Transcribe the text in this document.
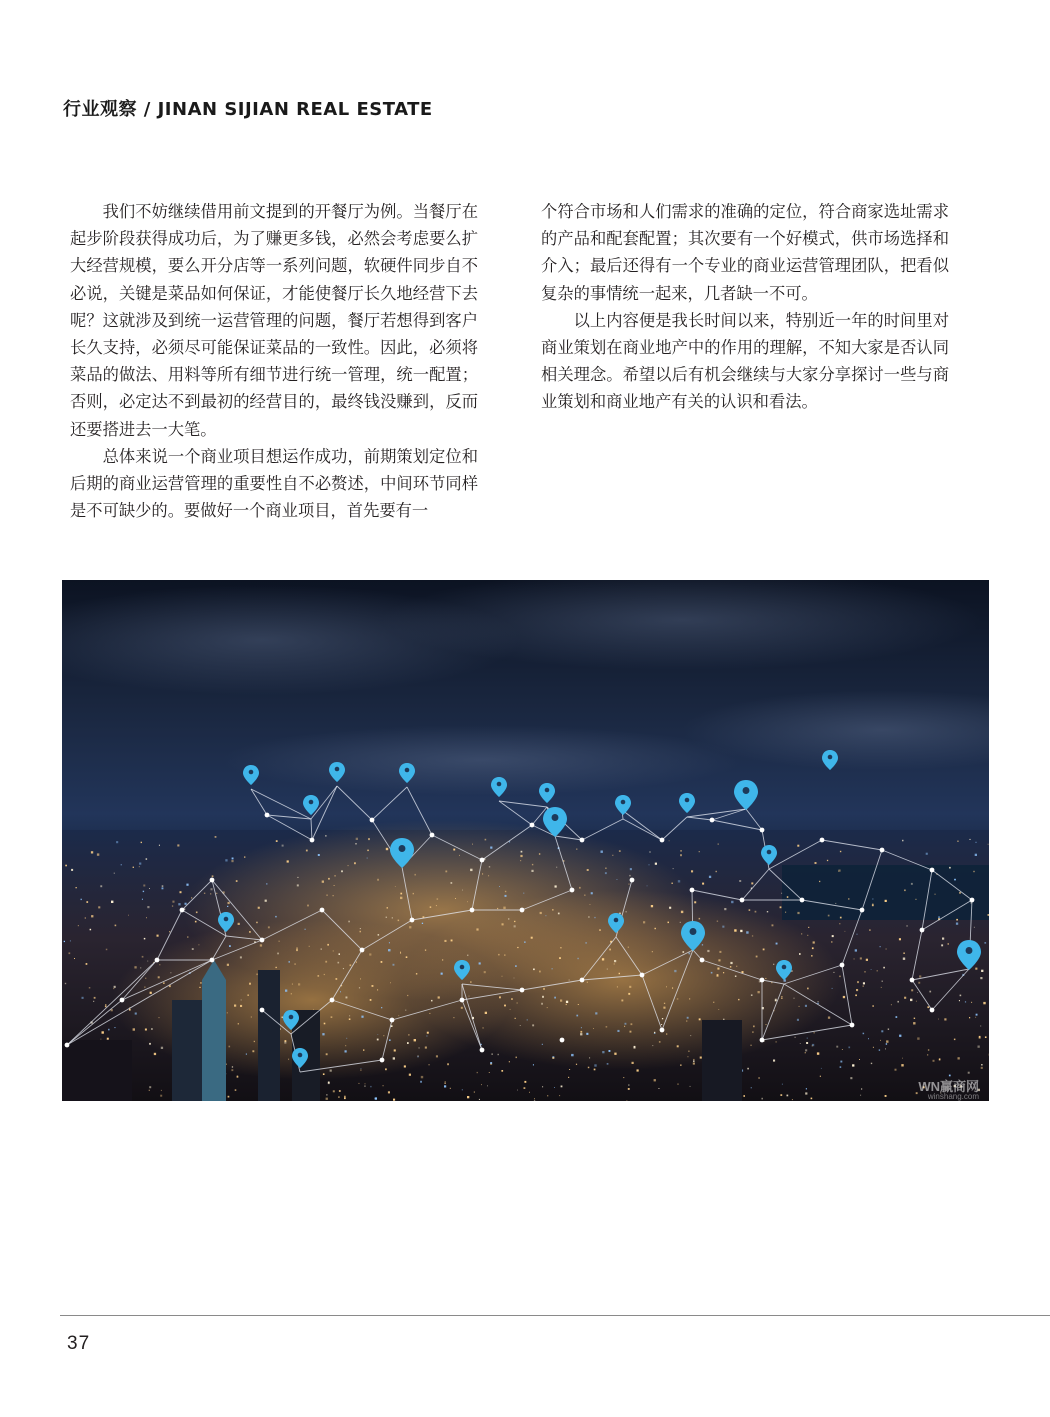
行业观察 / JINAN SIJIAN REAL ESTATE

我们不妨继续借用前文提到的开餐厅为例。当餐厅在起步阶段获得成功后，为了赚更多钱，必然会考虑要么扩大经营规模，要么开分店等一系列问题，软硬件同步自不必说，关键是菜品如何保证，才能使餐厅长久地经营下去呢？这就涉及到统一运营管理的问题，餐厅若想得到客户长久支持，必须尽可能保证菜品的一致性。因此，必须将菜品的做法、用料等所有细节进行统一管理，统一配置；否则，必定达不到最初的经营目的，最终钱没赚到，反而还要搭进去一大笔。

总体来说一个商业项目想运作成功，前期策划定位和后期的商业运营管理的重要性自不必赘述，中间环节同样是不可缺少的。要做好一个商业项目，首先要有一

个符合市场和人们需求的准确的定位，符合商家选址需求的产品和配套配置；其次要有一个好模式，供市场选择和介入；最后还得有一个专业的商业运营管理团队，把看似复杂的事情统一起来，几者缺一不可。

以上内容便是我长时间以来，特别近一年的时间里对商业策划在商业地产中的作用的理解，不知大家是否认同相关理念。希望以后有机会继续与大家分享探讨一些与商业策划和商业地产有关的认识和看法。

WN赢商网
winshang.com
37
